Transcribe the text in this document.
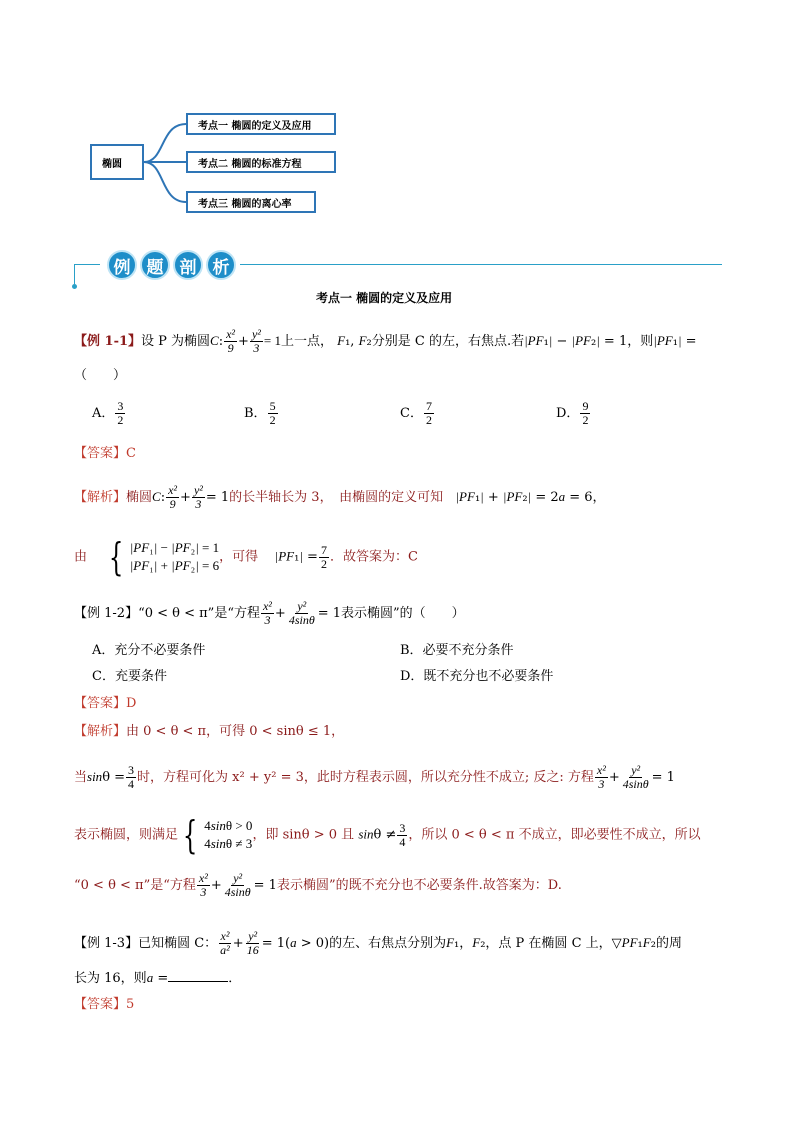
椭圆
考点一 椭圆的定义及应用
考点二 椭圆的标准方程
考点三 椭圆的离心率
例 题 剖 析
考点一 椭圆的定义及应用
【例 1-1】设 P 为椭圆C: $\frac{\text{x²}}{9} + \frac{\text{y²}}{3} = 1$上一点， F₁, F₂分别是 C 的左，右焦点.若|PF₁| − |PF₂| = 1，则|PF₁| =
（　　）
A． $\frac{3}{2}$	B． $\frac{5}{2}$	C． $\frac{7}{2}$	D． $\frac{9}{2}$
【答案】C
【解析】椭圆C: $\frac{\text{x²}}{9} + \frac{\text{y²}}{3} = 1$的长半轴长为 3，　由椭圆的定义可知 |PF₁| + |PF₂| = 2a = 6，
由 { |PF₁| − |PF₂| = 1
|PF₁| + |PF₂| = 6
，可得 $|PF_1| = \frac{7}{2}$ ．故答案为：C
【例 1-2】“0 < θ < π”是“方程 $\frac{\text{x²}}{3} + \frac{\text{y²}}{4\sin\theta} = 1$表示椭圆”的（　　）
A．充分不必要条件	B．必要不充分条件
C．充要条件	D．既不充分也不必要条件
【答案】D
【解析】由 0 < θ < π，可得 0 < sinθ ≤ 1，
当$\sin\theta = \frac{3}{4}$ 时，方程可化为 x² + y² = 3，此时方程表示圆，所以充分性不成立; 反之: 方程 $\frac{\text{x²}}{3} + \frac{\text{y²}}{4\sin\theta} = 1$
表示椭圆，则满足 { 4sinθ > 0
4sinθ ≠ 3
，即 sinθ > 0 且 $\sin\theta \ne \frac{3}{4}$ ，所以 0 < θ < π 不成立，即必要性不成立，所以
“0 < θ < π”是“方程 $\frac{\text{x²}}{3} + \frac{\text{y²}}{4\sin\theta} = 1$表示椭圆”的既不充分也不必要条件.故答案为：D.
【例 1-3】已知椭圆 C： $\frac{\text{x²}}{\text{a²}} + \frac{\text{y²}}{16} = 1(a > 0)$的左、右焦点分别为F₁，F₂，点 P 在椭圆 C 上，▽PF₁F₂的周
长为 16，则a =	．
【答案】5
